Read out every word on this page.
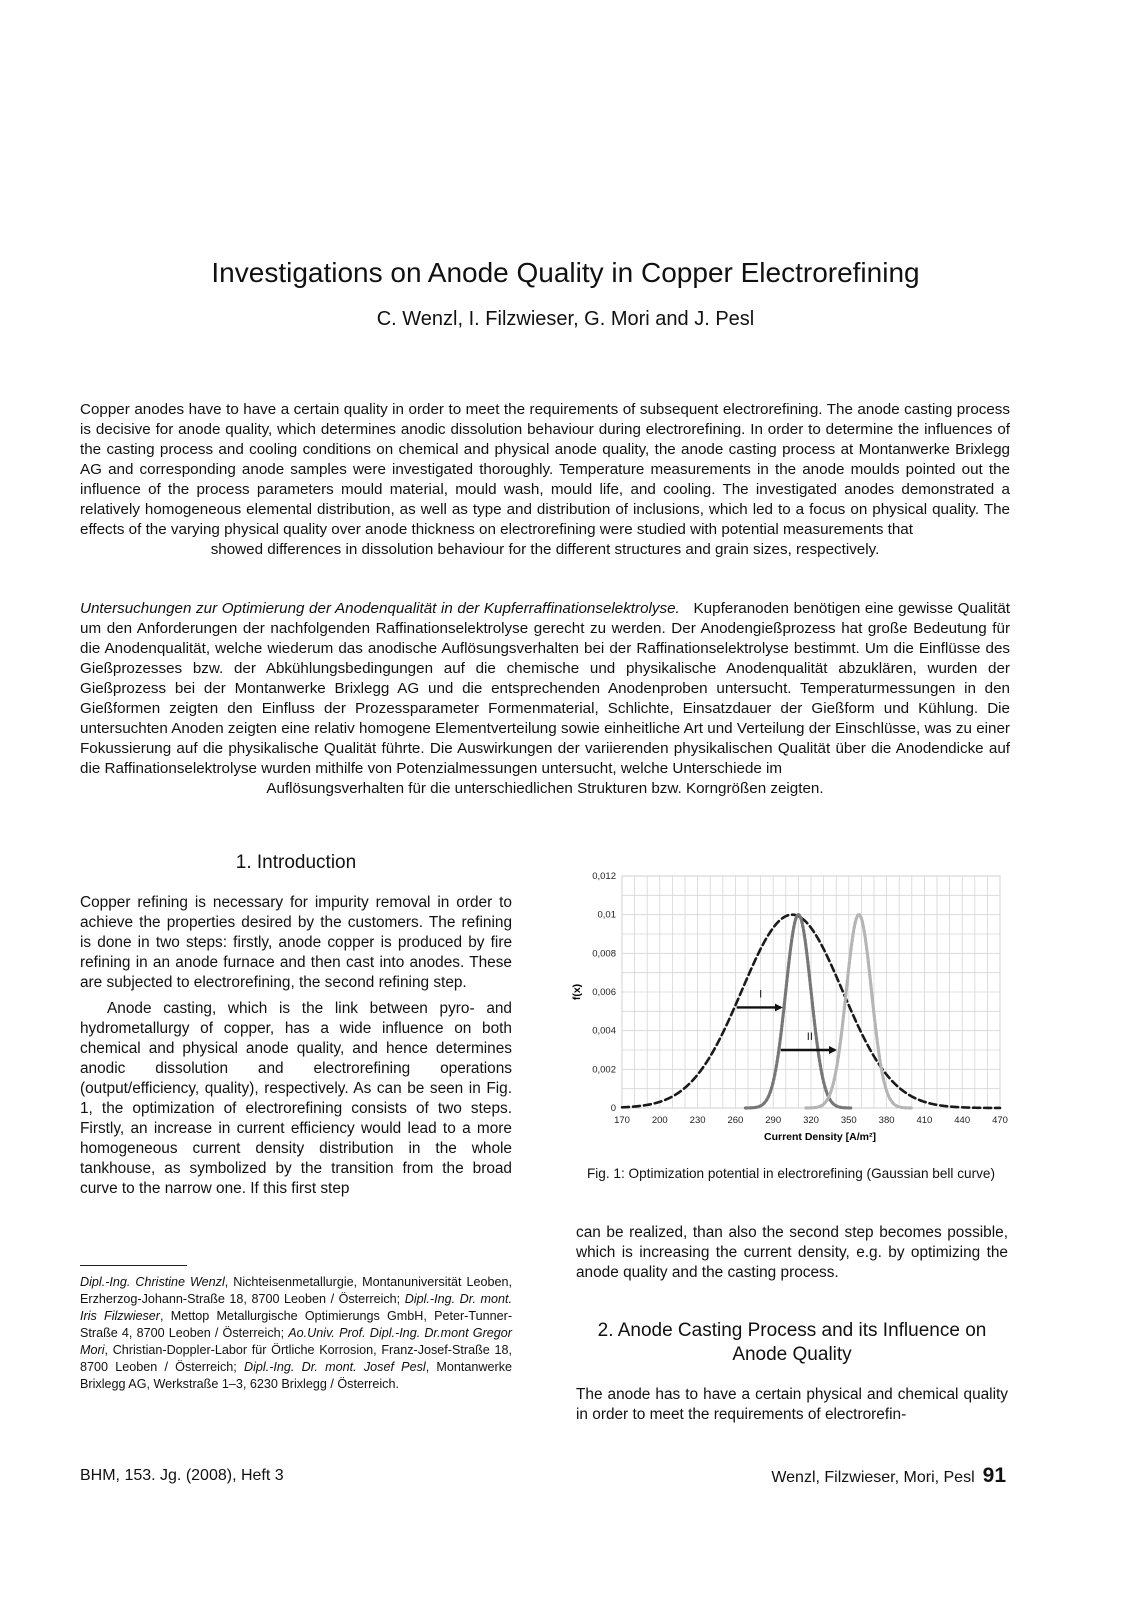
Investigations on Anode Quality in Copper Electrorefining
C. Wenzl, I. Filzwieser, G. Mori and J. Pesl

Copper anodes have to have a certain quality in order to meet the requirements of subsequent electrorefining. The anode casting process is decisive for anode quality, which determines anodic dissolution behaviour during electrorefining. In order to determine the influences of the casting process and cooling conditions on chemical and physical anode quality, the anode casting process at Montanwerke Brixlegg AG and corresponding anode samples were investigated thoroughly. Temperature measurements in the anode moulds pointed out the influence of the process parameters mould material, mould wash, mould life, and cooling. The investigated anodes demonstrated a relatively homogeneous elemental distribution, as well as type and distribution of inclusions, which led to a focus on physical quality. The effects of the varying physical quality over anode thickness on electrorefining were studied with potential measurements that
showed differences in dissolution behaviour for the different structures and grain sizes, respectively.

Untersuchungen zur Optimierung der Anodenqualität in der Kupferraffinationselektrolyse. Kupferanoden benötigen eine gewisse Qualität um den Anforderungen der nachfolgenden Raffinationselektrolyse gerecht zu werden. Der Anodengießprozess hat große Bedeutung für die Anodenqualität, welche wiederum das anodische Auflösungsverhalten bei der Raffinationselektrolyse bestimmt. Um die Einflüsse des Gießprozesses bzw. der Abkühlungsbedingungen auf die chemische und physikalische Anodenqualität abzuklären, wurden der Gießprozess bei der Montanwerke Brixlegg AG und die entsprechenden Anodenproben untersucht. Temperaturmessungen in den Gießformen zeigten den Einfluss der Prozessparameter Formenmaterial, Schlichte, Einsatzdauer der Gießform und Kühlung. Die untersuchten Anoden zeigten eine relativ homogene Elementverteilung sowie einheitliche Art und Verteilung der Einschlüsse, was zu einer Fokussierung auf die physikalische Qualität führte. Die Auswirkungen der variierenden physikalischen Qualität über die Anodendicke auf die Raffinationselektrolyse wurden mithilfe von Potenzialmessungen untersucht, welche Unterschiede im
Auflösungsverhalten für die unterschiedlichen Strukturen bzw. Korngrößen zeigten.

1. Introduction

Copper refining is necessary for impurity removal in order to achieve the properties desired by the customers. The refining is done in two steps: firstly, anode copper is produced by fire refining in an anode furnace and then cast into anodes. These are subjected to electrorefining, the second refining step.

Anode casting, which is the link between pyro- and hydrometallurgy of copper, has a wide influence on both chemical and physical anode quality, and hence determines anodic dissolution and electrorefining operations (output/efficiency, quality), respectively. As can be seen in Fig. 1, the optimization of electrorefining consists of two steps. Firstly, an increase in current efficiency would lead to a more homogeneous current density distribution in the whole tankhouse, as symbolized by the transition from the broad curve to the narrow one. If this first step

Dipl.-Ing. Christine Wenzl, Nichteisenmetallurgie, Montanuniversität Leoben, Erzherzog-Johann-Straße 18, 8700 Leoben / Österreich; Dipl.-Ing. Dr. mont. Iris Filzwieser, Mettop Metallurgische Optimierungs GmbH, Peter-Tunner-Straße 4, 8700 Leoben / Österreich; Ao.Univ. Prof. Dipl.-Ing. Dr.mont Gregor Mori, Christian-Doppler-Labor für Örtliche Korrosion, Franz-Josef-Straße 18, 8700 Leoben / Österreich; Dipl.-Ing. Dr. mont. Josef Pesl, Montanwerke Brixlegg AG, Werkstraße 1–3, 6230 Brixlegg / Österreich.

I
II
170 200 230 260 290 320 350 380 410 440 470
0
0,002
0,004
0,006
0,008
0,01
0,012
Current Density [A/m²]
f(x)
Fig. 1: Optimization potential in electrorefining (Gaussian bell curve)

can be realized, than also the second step becomes possible, which is increasing the current density, e.g. by optimizing the anode quality and the casting process.

2. Anode Casting Process and its Influence on
Anode Quality

The anode has to have a certain physical and chemical quality in order to meet the requirements of electrorefin-

BHM, 153. Jg. (2008), Heft 3	Wenzl, Filzwieser, Mori, Pesl 91
